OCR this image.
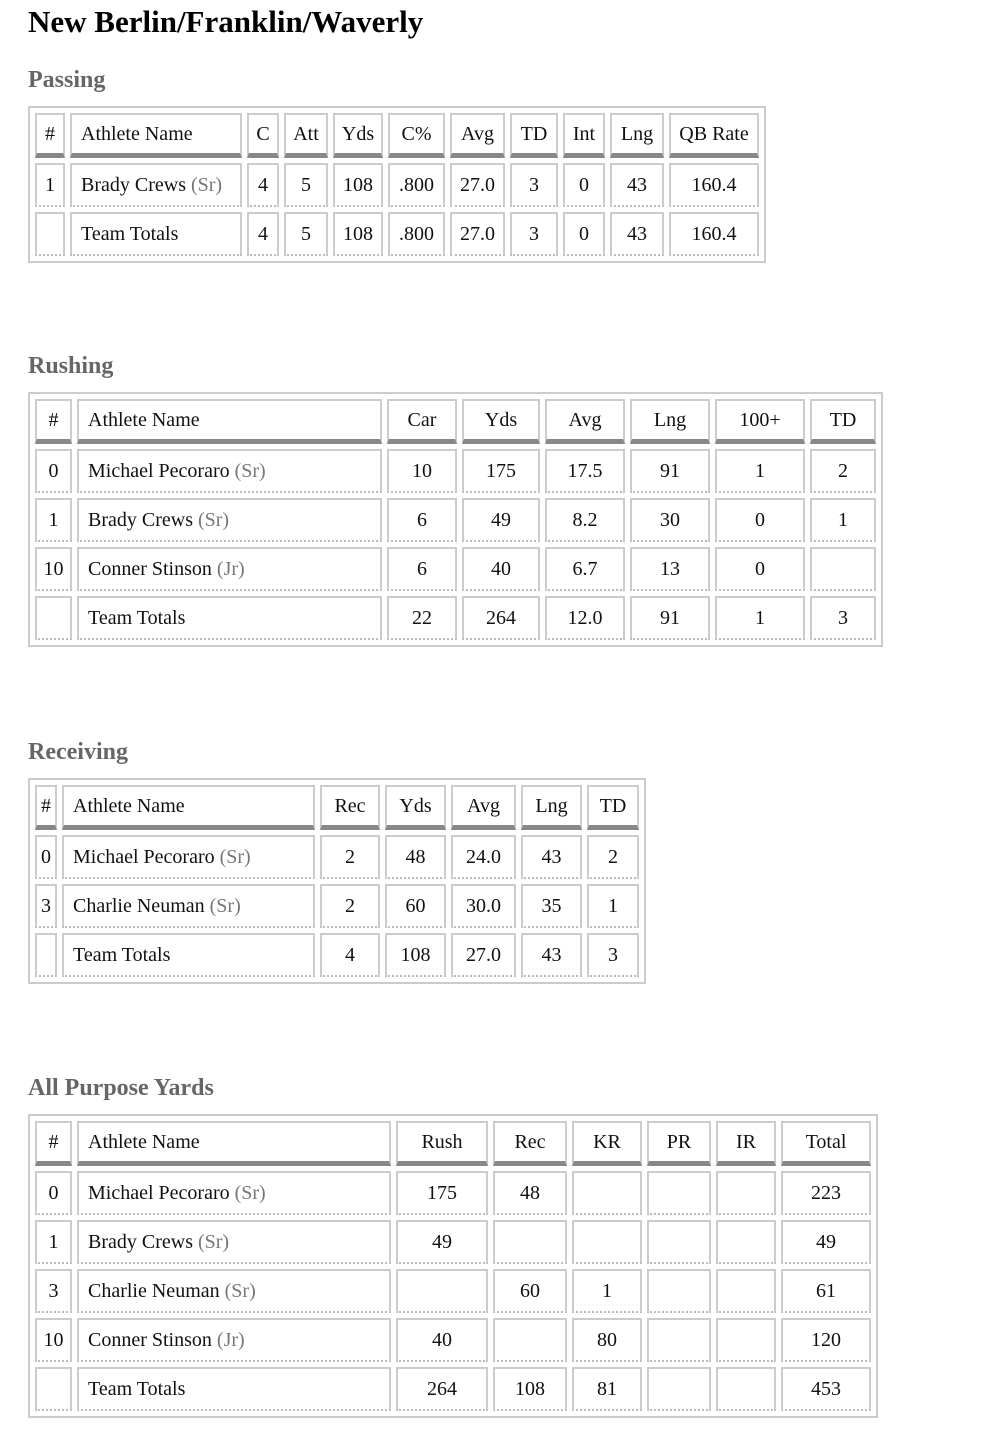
New Berlin/Franklin/Waverly
Passing
#	Athlete Name	C	Att	Yds	C%	Avg	TD	Int	Lng	QB Rate
1	Brady Crews (Sr)	4	5	108	.800	27.0	3	0	43	160.4
	Team Totals	4	5	108	.800	27.0	3	0	43	160.4
Rushing
#	Athlete Name	Car	Yds	Avg	Lng	100+	TD
0	Michael Pecoraro (Sr)	10	175	17.5	91	1	2
1	Brady Crews (Sr)	6	49	8.2	30	0	1
10	Conner Stinson (Jr)	6	40	6.7	13	0	
	Team Totals	22	264	12.0	91	1	3
Receiving
#	Athlete Name	Rec	Yds	Avg	Lng	TD
0	Michael Pecoraro (Sr)	2	48	24.0	43	2
3	Charlie Neuman (Sr)	2	60	30.0	35	1
	Team Totals	4	108	27.0	43	3
All Purpose Yards
#	Athlete Name	Rush	Rec	KR	PR	IR	Total
0	Michael Pecoraro (Sr)	175	48				223
1	Brady Crews (Sr)	49					49
3	Charlie Neuman (Sr)		60	1			61
10	Conner Stinson (Jr)	40		80			120
	Team Totals	264	108	81			453
